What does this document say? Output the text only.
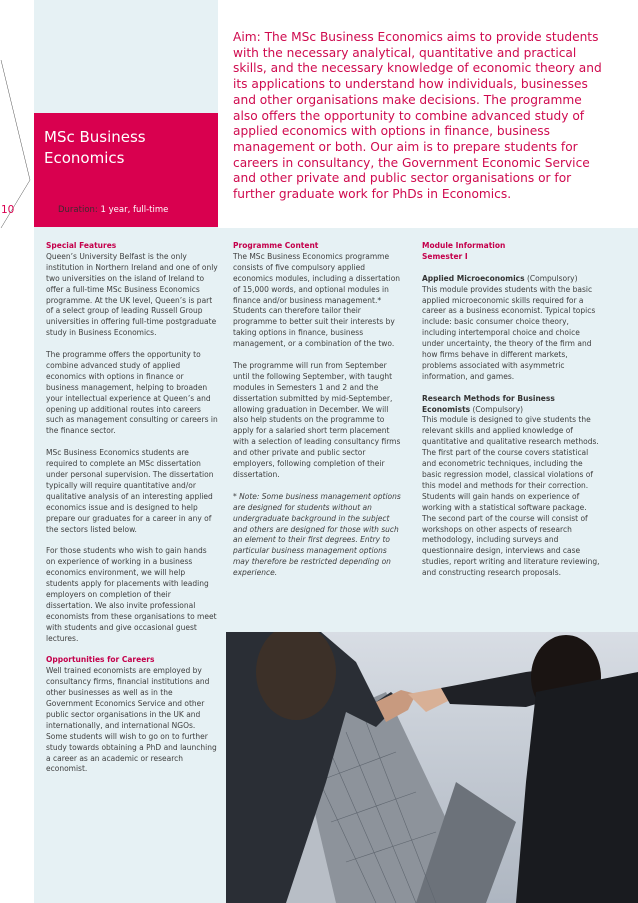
10
MSc Business
Economics
Duration: 1 year, full-time
Aim: The MSc Business Economics aims to provide students with the necessary analytical, quantitative and practical skills, and the necessary knowledge of economic theory and its applications to understand how individuals, businesses and other organisations make decisions. The programme also offers the opportunity to combine advanced study of applied economics with options in finance, business management or both. Our aim is to prepare students for careers in consultancy, the Government Economic Service and other private and public sector organisations or for further graduate work for PhDs in Economics.
Special Features

Queen’s University Belfast is the only institution in Northern Ireland and one of only two universities on the island of Ireland to offer a full-time MSc Business Economics programme. At the UK level, Queen’s is part of a select group of leading Russell Group universities in offering full-time postgraduate study in Business Economics.

The programme offers the opportunity to combine advanced study of applied economics with options in finance or business management, helping to broaden your intellectual experience at Queen’s and opening up additional routes into careers such as management consulting or careers in the finance sector.

MSc Business Economics students are required to complete an MSc dissertation under personal supervision. The dissertation typically will require quantitative and/or qualitative analysis of an interesting applied economics issue and is designed to help prepare our graduates for a career in any of the sectors listed below.

For those students who wish to gain hands on experience of working in a business economics environment, we will help students apply for placements with leading employers on completion of their dissertation. We also invite professional economists from these organisations to meet with students and give occasional guest lectures.

Opportunities for Careers

Well trained economists are employed by consultancy firms, financial institutions and other businesses as well as in the Government Economics Service and other public sector organisations in the UK and internationally, and international NGOs. Some students will wish to go on to further study towards obtaining a PhD and launching a career as an academic or research economist.

Programme Content

The MSc Business Economics programme consists of five compulsory applied economics modules, including a dissertation of 15,000 words, and optional modules in finance and/or business management.* Students can therefore tailor their programme to better suit their interests by taking options in finance, business management, or a combination of the two.

The programme will run from September until the following September, with taught modules in Semesters 1 and 2 and the dissertation submitted by mid-September, allowing graduation in December. We will also help students on the programme to apply for a salaried short term placement with a selection of leading consultancy firms and other private and public sector employers, following completion of their dissertation.

* Note: Some business management options are designed for students without an undergraduate background in the subject and others are designed for those with such an element to their first degrees. Entry to particular business management options may therefore be restricted depending on experience.

Module Information
Semester I
Applied Microeconomics (Compulsory)

This module provides students with the basic applied microeconomic skills required for a career as a business economist. Typical topics include: basic consumer choice theory, including intertemporal choice and choice under uncertainty, the theory of the firm and how firms behave in different markets, problems associated with asymmetric information, and games.

Research Methods for Business Economists (Compulsory)

This module is designed to give students the relevant skills and applied knowledge of quantitative and qualitative research methods. The first part of the course covers statistical and econometric techniques, including the basic regression model, classical violations of this model and methods for their correction. Students will gain hands on experience of working with a statistical software package. The second part of the course will consist of workshops on other aspects of research methodology, including surveys and questionnaire design, interviews and case studies, report writing and literature reviewing, and constructing research proposals.
